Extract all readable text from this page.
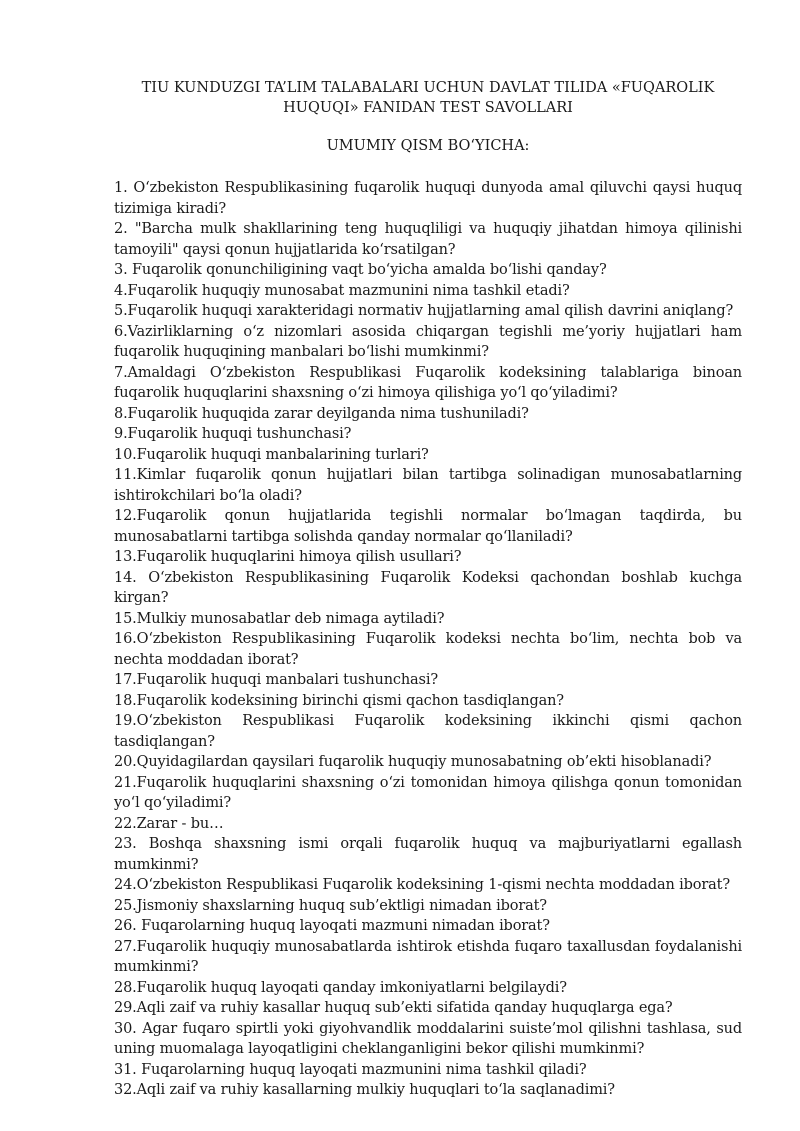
TIU KUNDUZGI TA’LIM TALABALARI UCHUN DAVLAT TILIDA «FUQAROLIK HUQUQI» FANIDAN TEST SAVOLLARI
UMUMIY QISM BO‘YICHA:
1. O‘zbekiston Respublikasining fuqarolik huquqi dunyoda amal qiluvchi qaysi huquq tizimiga kiradi?
2. "Barcha mulk shakllarining teng huquqliligi va huquqiy jihatdan himoya qilinishi tamoyili" qaysi qonun hujjatlarida ko‘rsatilgan?
3. Fuqarolik qonunchiligining vaqt bo‘yicha amalda bo‘lishi qanday?
4.Fuqarolik huquqiy munosabat mazmunini nima tashkil etadi?
5.Fuqarolik huquqi xarakteridagi normativ hujjatlarning amal qilish davrini aniqlang?
6.Vazirliklarning o‘z nizomlari asosida chiqargan tegishli me’yoriy hujjatlari ham fuqarolik huquqining manbalari bo‘lishi mumkinmi?
7.Amaldagi O‘zbekiston Respublikasi Fuqarolik kodeksining talablariga binoan fuqarolik huquqlarini shaxsning o‘zi himoya qilishiga yo‘l qo‘yiladimi?
8.Fuqarolik huquqida zarar deyilganda nima tushuniladi?
9.Fuqarolik huquqi tushunchasi?
10.Fuqarolik huquqi manbalarining turlari?
11.Kimlar fuqarolik qonun hujjatlari bilan tartibga solinadigan munosabatlarning ishtirokchilari bo‘la oladi?
12.Fuqarolik qonun hujjatlarida tegishli normalar bo‘lmagan taqdirda, bu munosabatlarni tartibga solishda qanday normalar qo‘llaniladi?
13.Fuqarolik huquqlarini himoya qilish usullari?
14. O‘zbekiston Respublikasining Fuqarolik Kodeksi qachondan boshlab kuchga kirgan?
15.Mulkiy munosabatlar deb nimaga aytiladi?
16.O‘zbekiston Respublikasining Fuqarolik kodeksi nechta bo‘lim, nechta bob va nechta moddadan iborat?
17.Fuqarolik huquqi manbalari tushunchasi?
18.Fuqarolik kodeksining birinchi qismi qachon tasdiqlangan?
19.O‘zbekiston Respublikasi Fuqarolik kodeksining ikkinchi qismi qachon tasdiqlangan?
20.Quyidagilardan qaysilari fuqarolik huquqiy munosabatning ob’ekti hisoblanadi?
21.Fuqarolik huquqlarini shaxsning o‘zi tomonidan himoya qilishga qonun tomonidan yo‘l qo‘yiladimi?
22.Zarar - bu…
23. Boshqa shaxsning ismi orqali fuqarolik huquq va majburiyatlarni egallash mumkinmi?
24.O‘zbekiston Respublikasi Fuqarolik kodeksining 1-qismi nechta moddadan iborat?
25.Jismoniy shaxslarning huquq sub’ektligi nimadan iborat?
26. Fuqarolarning huquq layoqati mazmuni nimadan iborat?
27.Fuqarolik huquqiy munosabatlarda ishtirok etishda fuqaro taxallusdan foydalanishi mumkinmi?
28.Fuqarolik huquq layoqati qanday imkoniyatlarni belgilaydi?
29.Aqli zaif va ruhiy kasallar huquq sub’ekti sifatida qanday huquqlarga ega?
30. Agar fuqaro spirtli yoki giyohvandlik moddalarini suiste’mol qilishni tashlasa, sud uning muomalaga layoqatligini cheklanganligini bekor qilishi mumkinmi?
31. Fuqarolarning huquq layoqati mazmunini nima tashkil qiladi?
32.Aqli zaif va ruhiy kasallarning mulkiy huquqlari to‘la saqlanadimi?
